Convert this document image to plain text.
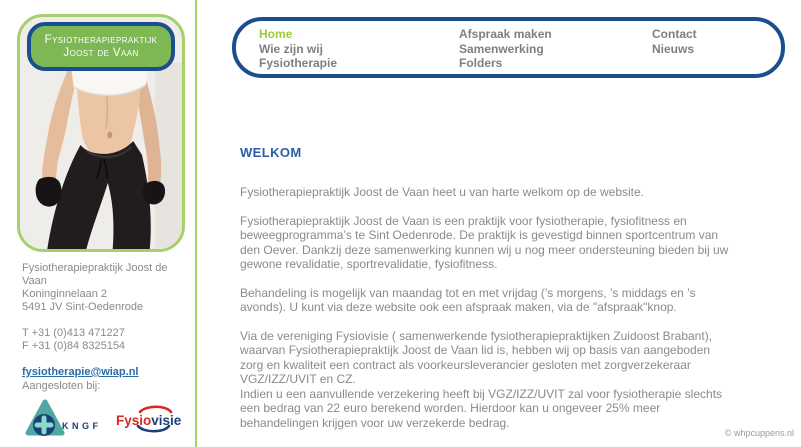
Fysiotherapiepraktijk
Joost de Vaan
Fysiotherapiepraktijk Joost de Vaan
Koninginnelaan 2
5491 JV Sint-Oedenrode
T +31 (0)413 471227
F +31 (0)84 8325154
fysiotherapie@wiap.nl
Aangesloten bij:
KNGF Fysiovisie
Home
Wie zijn wij
Fysiotherapie
Afspraak maken
Samenwerking
Folders
Contact
Nieuws
WELKOM

Fysiotherapiepraktijk Joost de Vaan heet u van harte welkom op de website.

Fysiotherapiepraktijk Joost de Vaan is een praktijk voor fysiotherapie, fysiofitness en beweegprogramma’s te Sint Oedenrode. De praktijk is gevestigd binnen sportcentrum van den Oever. Dankzij deze samenwerking kunnen wij u nog meer ondersteuning bieden bij uw gewone revalidatie, sportrevalidatie, fysiofitness.

Behandeling is mogelijk van maandag tot en met vrijdag (’s morgens, ’s middags en ’s avonds). U kunt via deze website ook een afspraak maken, via de "afspraak"knop.

Via de vereniging Fysiovisie ( samenwerkende fysiotherapiepraktijken Zuidoost Brabant), waarvan Fysiotherapiepraktijk Joost de Vaan lid is, hebben wij op basis van aangeboden zorg en kwaliteit een contract als voorkeursleverancier gesloten met zorgverzekeraar VGZ/IZZ/UVIT en CZ.
Indien u een aanvullende verzekering heeft bij VGZ/IZZ/UVIT zal voor fysiotherapie slechts een bedrag van 22 euro berekend worden. Hierdoor kan u ongeveer 25% meer behandelingen krijgen voor uw verzekerde bedrag.

© whpcuppens.nl
